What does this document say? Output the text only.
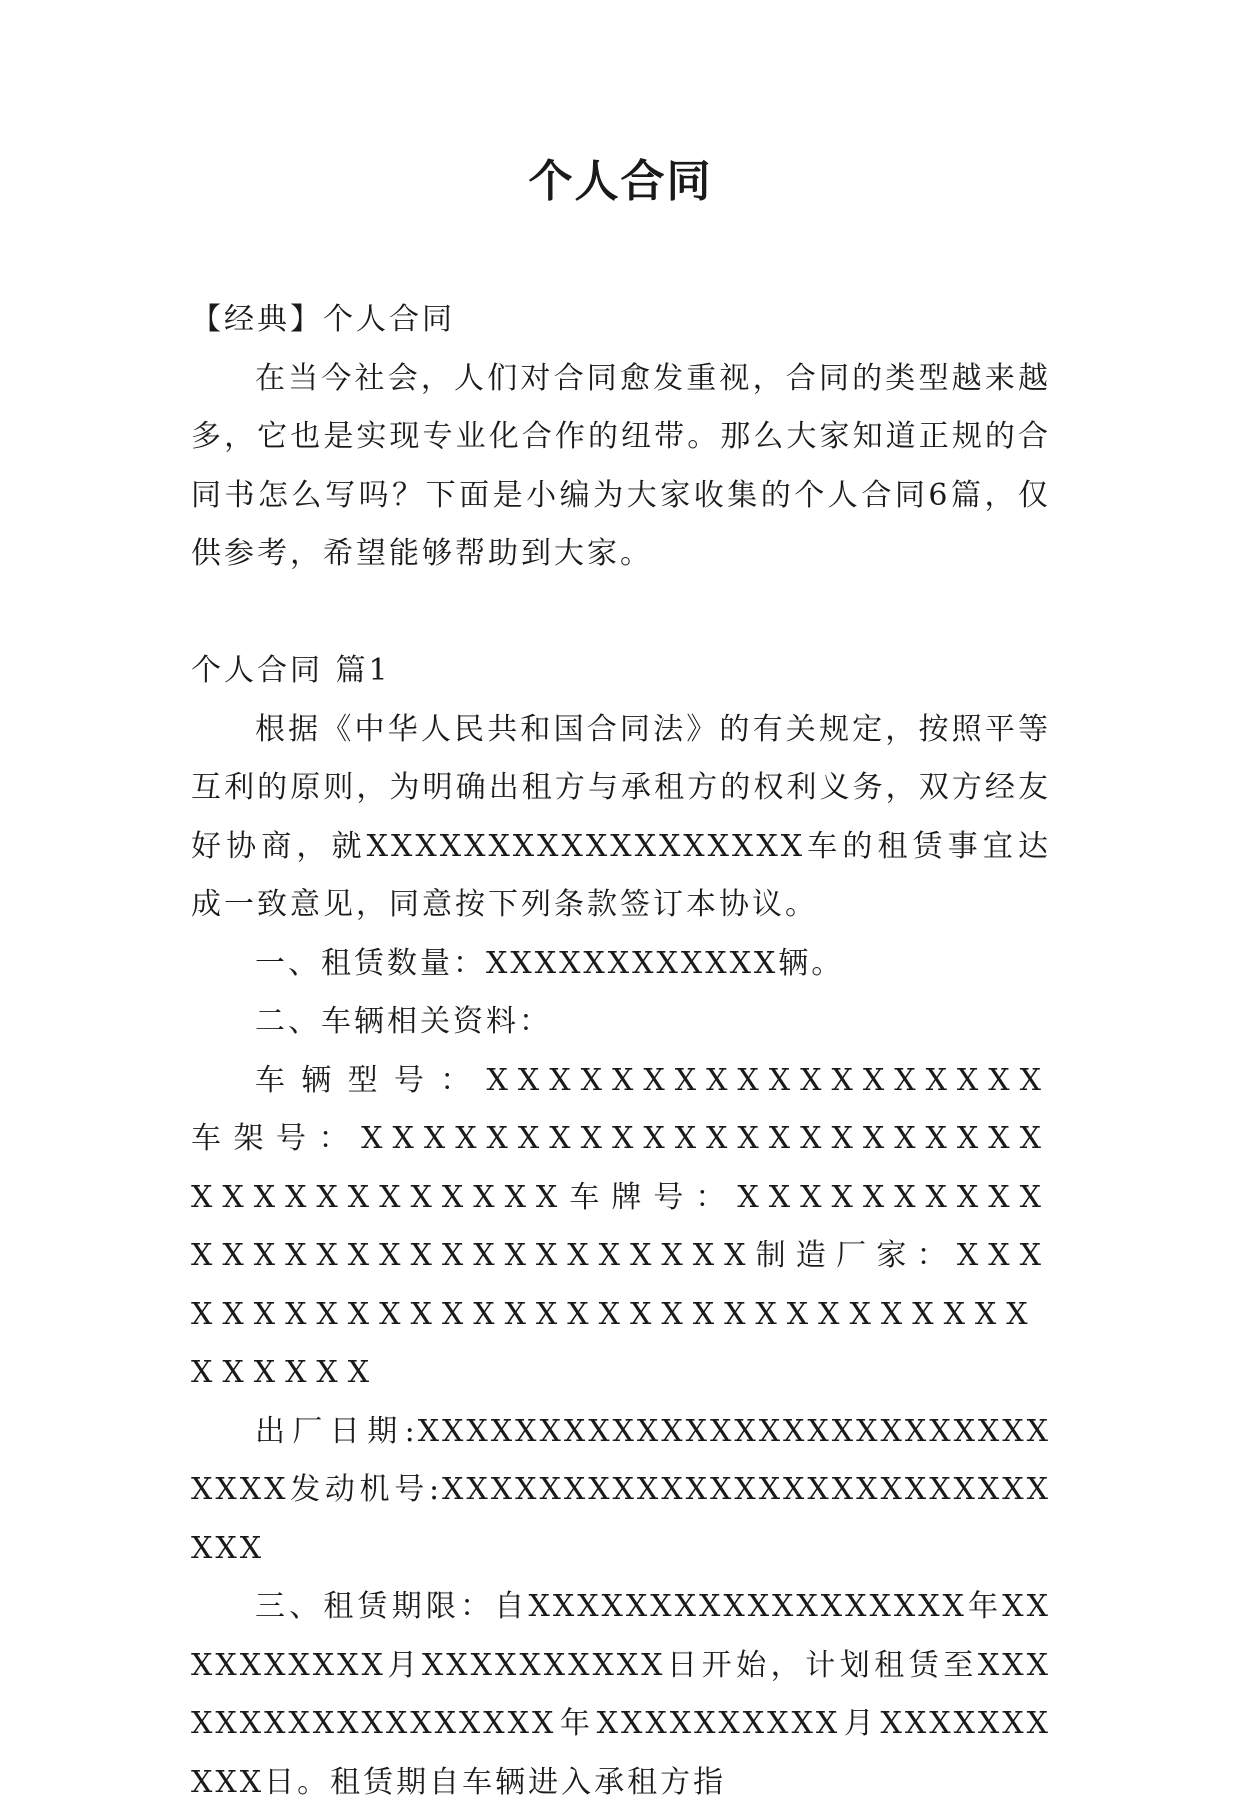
个人合同

【经典】个人合同

在当今社会，人们对合同愈发重视，合同的类型越来越多，它也是实现专业化合作的纽带。那么大家知道正规的合同书怎么写吗？下面是小编为大家收集的个人合同6篇，仅供参考，希望能够帮助到大家。

个人合同 篇1

根据《中华人民共和国合同法》的有关规定，按照平等互利的原则，为明确出租方与承租方的权利义务，双方经友好协商，就XXXXXXXXXXXXXXXXXX车的租赁事宜达成一致意见，同意按下列条款签订本协议。

一、租赁数量：XXXXXXXXXXXX辆。

二、车辆相关资料：

车辆型号：XXXXXXXXXXXXXXXXXX车架号：XXXXXXXXXXXXXXXXXXXXXXXXXXXXXXXXXX车牌号：XXXXXXXXXXXXXXXXXXXXXXXXXXXX制造厂家：XXXXXXXXXXXXXXXXXXXXXXXXXXXXXXXXXXXX

出厂日期:XXXXXXXXXXXXXXXXXXXXXXXXXXXXXX发动机号:XXXXXXXXXXXXXXXXXXXXXXXXXXXX

三、租赁期限：自XXXXXXXXXXXXXXXXXX年XXXXXXXXXX月XXXXXXXXXX日开始，计划租赁至XXXXXXXXXXXXXXXXXX年XXXXXXXXXX月XXXXXXXXXX日。租赁期自车辆进入承租方指
